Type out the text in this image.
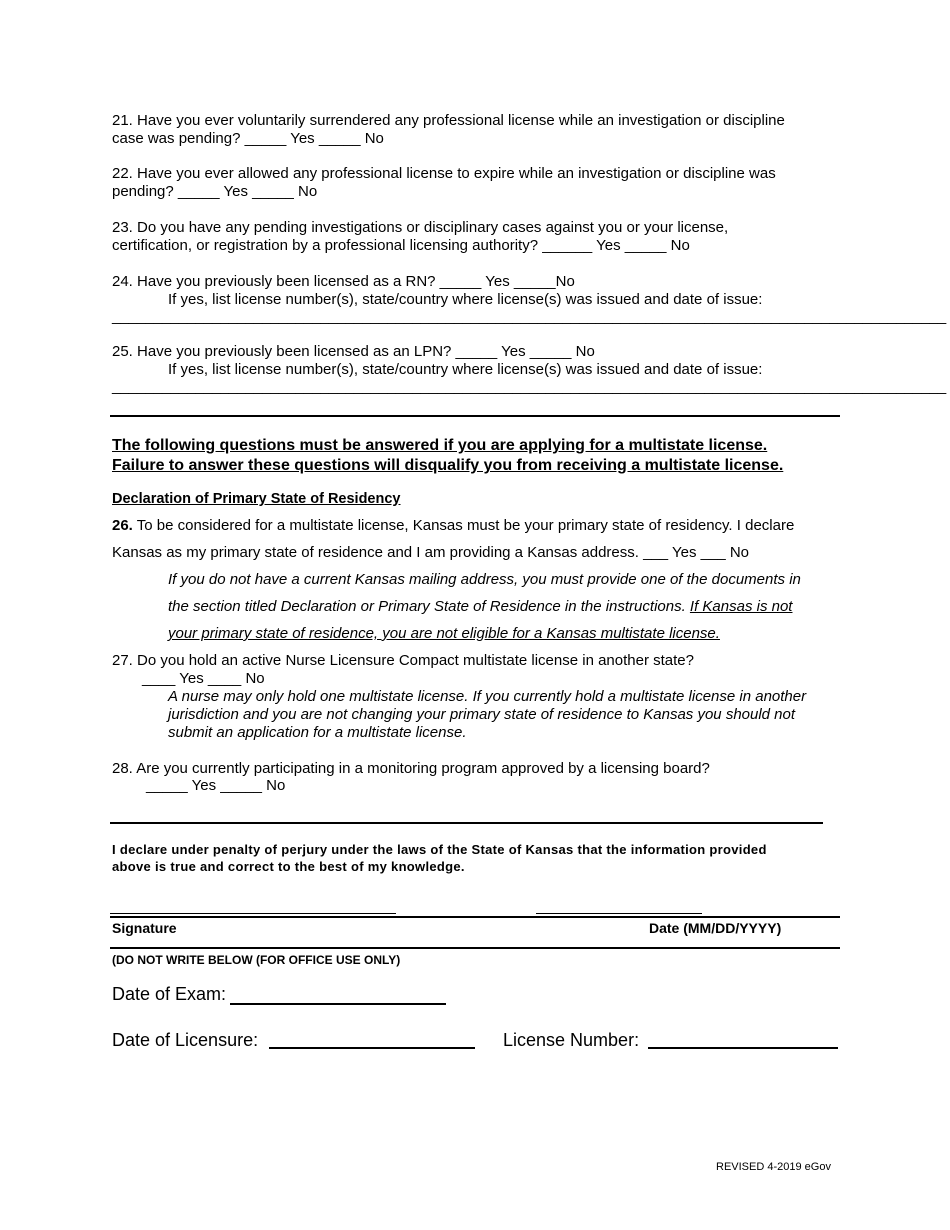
21. Have you ever voluntarily surrendered any professional license while an investigation or discipline
case was pending? _____ Yes _____ No
22. Have you ever allowed any professional license to expire while an investigation or discipline was
pending? _____ Yes _____ No
23. Do you have any pending investigations or disciplinary cases against you or your license,
certification, or registration by a professional licensing authority? ______ Yes _____ No
24. Have you previously been licensed as a RN? _____ Yes _____No
If yes, list license number(s), state/country where license(s) was issued and date of issue:
____________________________________________________________________________________________________
25. Have you previously been licensed as an LPN? _____ Yes _____ No
If yes, list license number(s), state/country where license(s) was issued and date of issue:
____________________________________________________________________________________________________
The following questions must be answered if you are applying for a multistate license.
Failure to answer these questions will disqualify you from receiving a multistate license.
Declaration of Primary State of Residency
26. To be considered for a multistate license, Kansas must be your primary state of residency. I declare
Kansas as my primary state of residence and I am providing a Kansas address. ___ Yes ___ No
If you do not have a current Kansas mailing address, you must provide one of the documents in
the section titled Declaration or Primary State of Residence in the instructions. If Kansas is not
your primary state of residence, you are not eligible for a Kansas multistate license.
27. Do you hold an active Nurse Licensure Compact multistate license in another state?
____ Yes ____ No
A nurse may only hold one multistate license. If you currently hold a multistate license in another
jurisdiction and you are not changing your primary state of residence to Kansas you should not
submit an application for a multistate license.
28. Are you currently participating in a monitoring program approved by a licensing board?
_____ Yes _____ No
I declare under penalty of perjury under the laws of the State of Kansas that the information provided
above is true and correct to the best of my knowledge.
Signature	Date (MM/DD/YYYY)
(DO NOT WRITE BELOW (FOR OFFICE USE ONLY)
Date of Exam:
Date of Licensure:	License Number:
REVISED 4-2019 eGov
